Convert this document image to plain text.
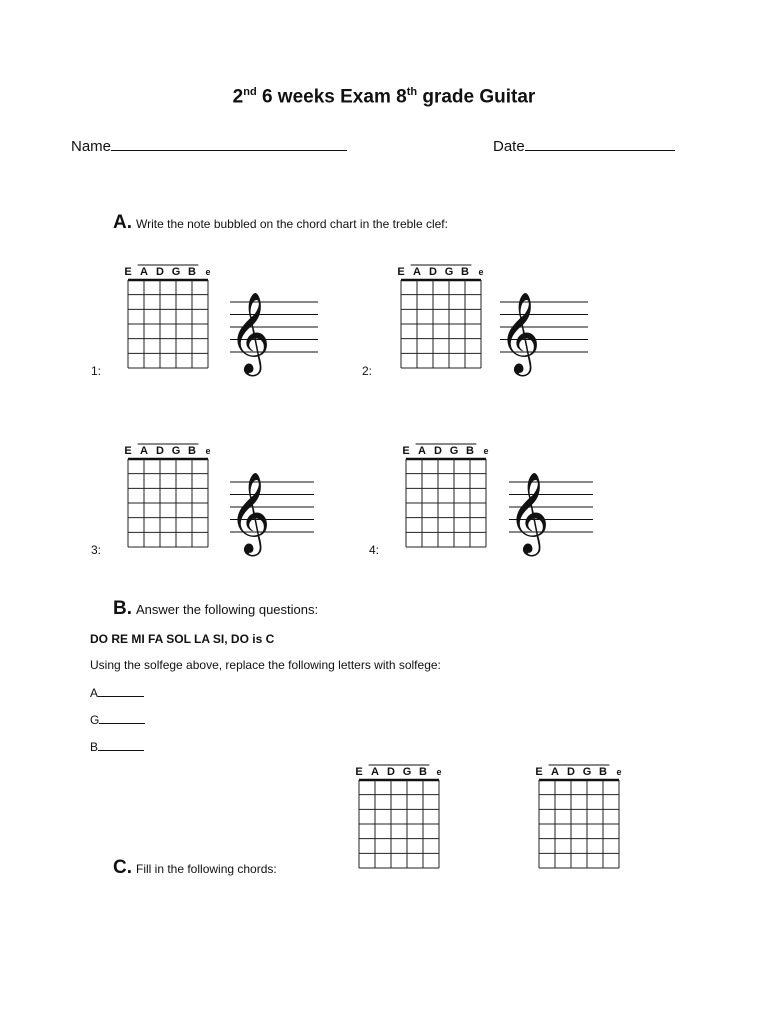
2nd 6 weeks Exam 8th grade Guitar
Name	Date
A. Write the note bubbled on the chord chart in the treble clef:
1:	2:
3:	4:
E A D G B e	E A D G B e
E A D G B e	E A D G B e
E A D G B e	E A D G B e
𝄞	𝄞
𝄞	𝄞
B. Answer the following questions:
DO RE MI FA SOL LA SI, DO is C
Using the solfege above, replace the following letters with solfege:
A
G
B
C. Fill in the following chords:
